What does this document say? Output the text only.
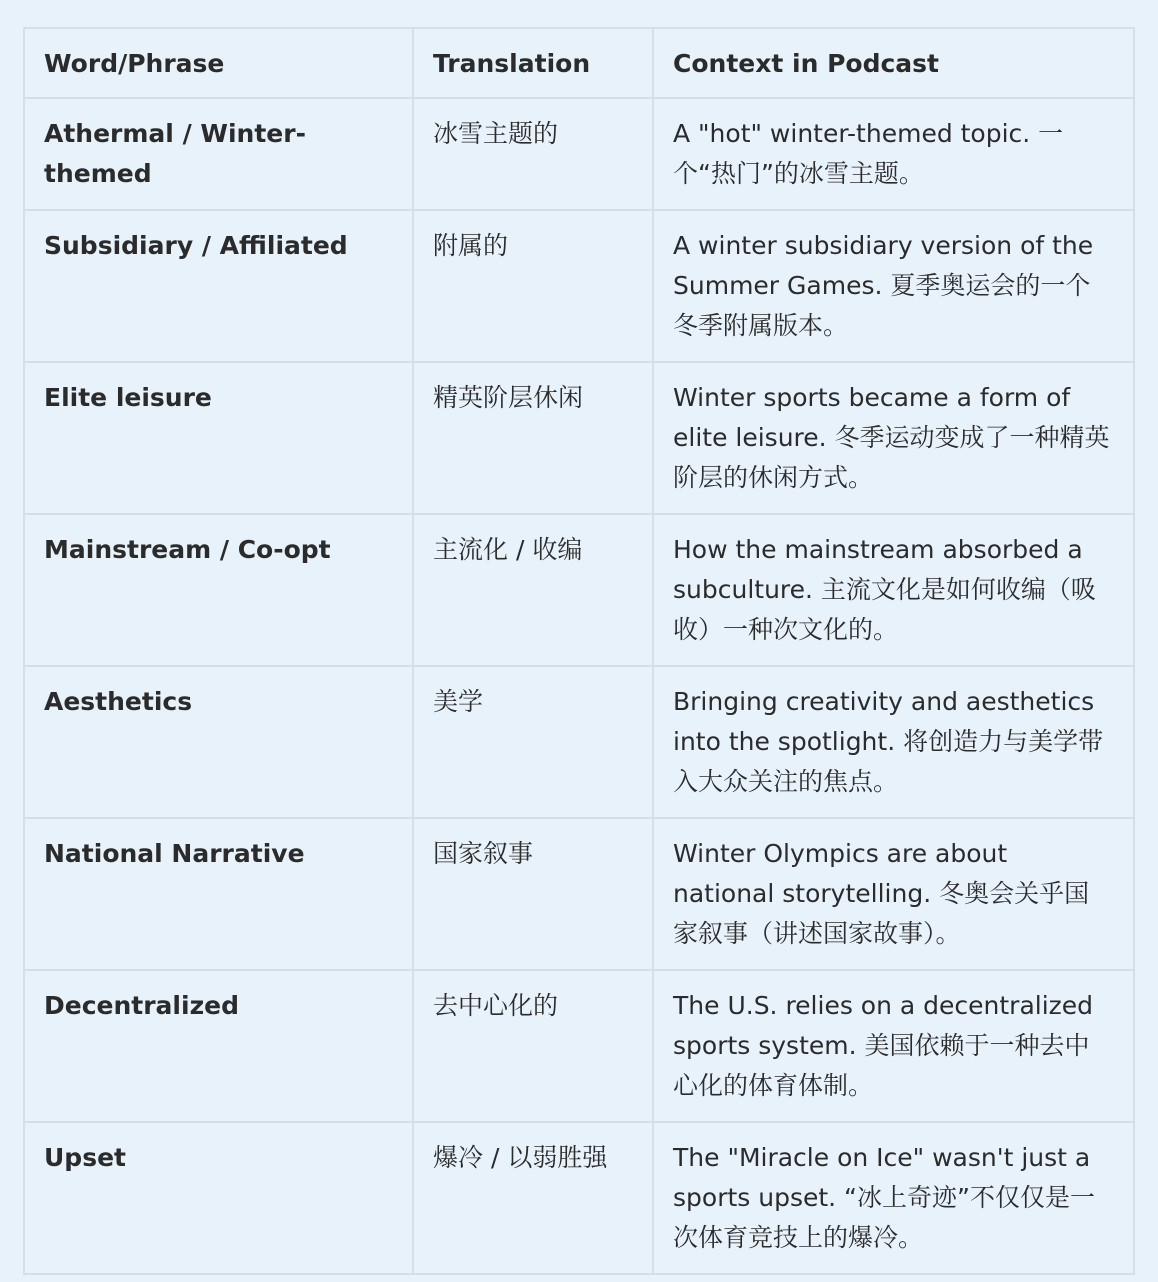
Word/Phrase	Translation	Context in Podcast
Athermal / Winter-themed	冰雪主题的	A "hot" winter-themed topic. 一个“热门”的冰雪主题。
Subsidiary / Affiliated	附属的	A winter subsidiary version of the Summer Games. 夏季奥运会的一个冬季附属版本。
Elite leisure	精英阶层休闲	Winter sports became a form of elite leisure. 冬季运动变成了一种精英阶层的休闲方式。
Mainstream / Co-opt	主流化 / 收编	How the mainstream absorbed a subculture. 主流文化是如何收编（吸收）一种次文化的。
Aesthetics	美学	Bringing creativity and aesthetics into the spotlight. 将创造力与美学带入大众关注的焦点。
National Narrative	国家叙事	Winter Olympics are about national storytelling. 冬奥会关乎国家叙事（讲述国家故事）。
Decentralized	去中心化的	The U.S. relies on a decentralized sports system. 美国依赖于一种去中心化的体育体制。
Upset	爆冷 / 以弱胜强	The "Miracle on Ice" wasn't just a sports upset. “冰上奇迹”不仅仅是一次体育竞技上的爆冷。
